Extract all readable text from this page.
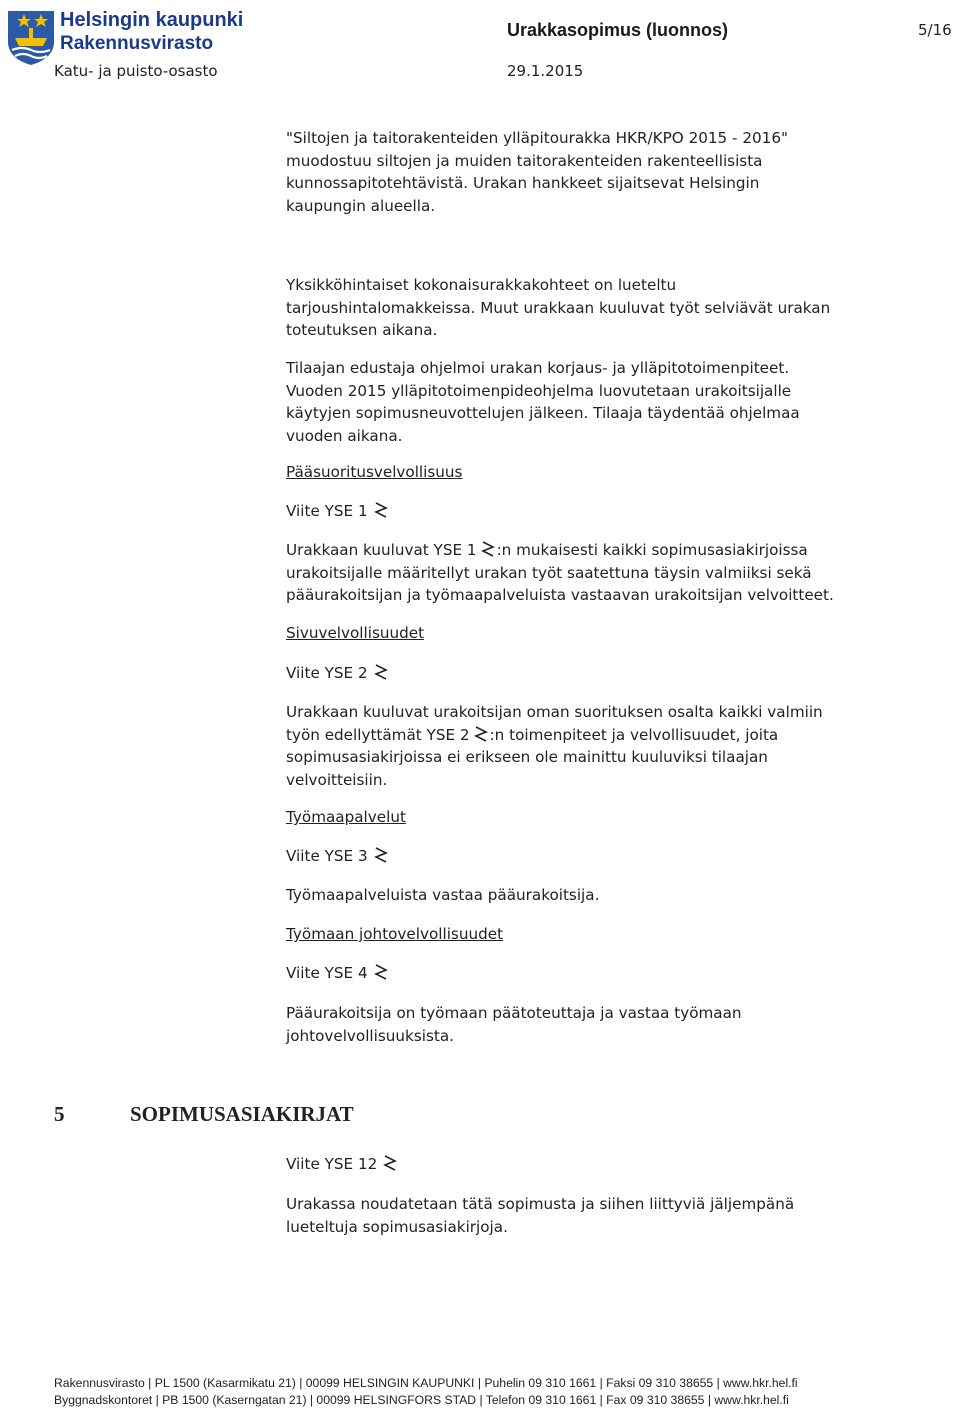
Helsingin kaupunki
Rakennusvirasto
Urakkasopimus (luonnos)	5/16
Katu- ja puisto-osasto	29.1.2015
"Siltojen ja taitorakenteiden ylläpitourakka HKR/KPO 2015 - 2016"
muodostuu siltojen ja muiden taitorakenteiden rakenteellisista
kunnossapitotehtävistä. Urakan hankkeet sijaitsevat Helsingin
kaupungin alueella.
Yksikköhintaiset kokonaisurakkakohteet on lueteltu
tarjoushintalomakkeissa. Muut urakkaan kuuluvat työt selviävät urakan
toteutuksen aikana.
Tilaajan edustaja ohjelmoi urakan korjaus- ja ylläpitotoimenpiteet.
Vuoden 2015 ylläpitotoimenpideohjelma luovutetaan urakoitsijalle
käytyjen sopimusneuvottelujen jälkeen. Tilaaja täydentää ohjelmaa
vuoden aikana.
Pääsuoritusvelvollisuus
Viite YSE 1
Urakkaan kuuluvat YSE 1 :n mukaisesti kaikki sopimusasiakirjoissa
urakoitsijalle määritellyt urakan työt saatettuna täysin valmiiksi sekä
pääurakoitsijan ja työmaapalveluista vastaavan urakoitsijan velvoitteet.
Sivuvelvollisuudet
Viite YSE 2
Urakkaan kuuluvat urakoitsijan oman suorituksen osalta kaikki valmiin
työn edellyttämät YSE 2 :n toimenpiteet ja velvollisuudet, joita
sopimusasiakirjoissa ei erikseen ole mainittu kuuluviksi tilaajan
velvoitteisiin.
Työmaapalvelut
Viite YSE 3
Työmaapalveluista vastaa pääurakoitsija.
Työmaan johtovelvollisuudet
Viite YSE 4
Pääurakoitsija on työmaan päätoteuttaja ja vastaa työmaan
johtovelvollisuuksista.
5	SOPIMUSASIAKIRJAT
Viite YSE 12
Urakassa noudatetaan tätä sopimusta ja siihen liittyviä jäljempänä
lueteltuja sopimusasiakirjoja.
Rakennusvirasto | PL 1500 (Kasarmikatu 21) | 00099 HELSINGIN KAUPUNKI | Puhelin 09 310 1661 | Faksi 09 310 38655 | www.hkr.hel.fi
Byggnadskontoret | PB 1500 (Kaserngatan 21) | 00099 HELSINGFORS STAD | Telefon 09 310 1661 | Fax 09 310 38655 | www.hkr.hel.fi
